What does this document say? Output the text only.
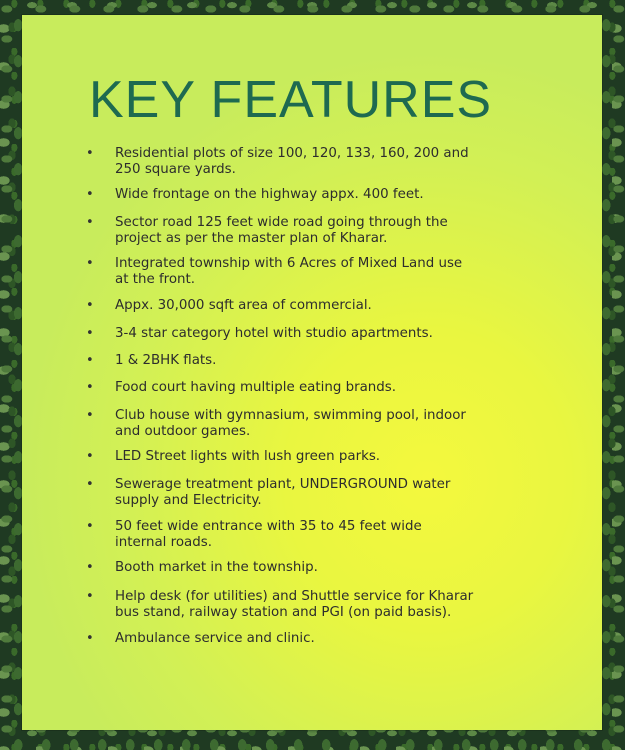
KEY FEATURES
• Residential plots of size 100, 120, 133, 160, 200 and
250 square yards.
• Wide frontage on the highway appx. 400 feet.
• Sector road 125 feet wide road going through the
project as per the master plan of Kharar.
• Integrated township with 6 Acres of Mixed Land use
at the front.
• Appx. 30,000 sqft area of commercial.
• 3-4 star category hotel with studio apartments.
• 1 & 2BHK flats.
• Food court having multiple eating brands.
• Club house with gymnasium, swimming pool, indoor
and outdoor games.
• LED Street lights with lush green parks.
• Sewerage treatment plant, UNDERGROUND water
supply and Electricity.
• 50 feet wide entrance with 35 to 45 feet wide
internal roads.
• Booth market in the township.
• Help desk (for utilities) and Shuttle service for Kharar
bus stand, railway station and PGI (on paid basis).
• Ambulance service and clinic.
